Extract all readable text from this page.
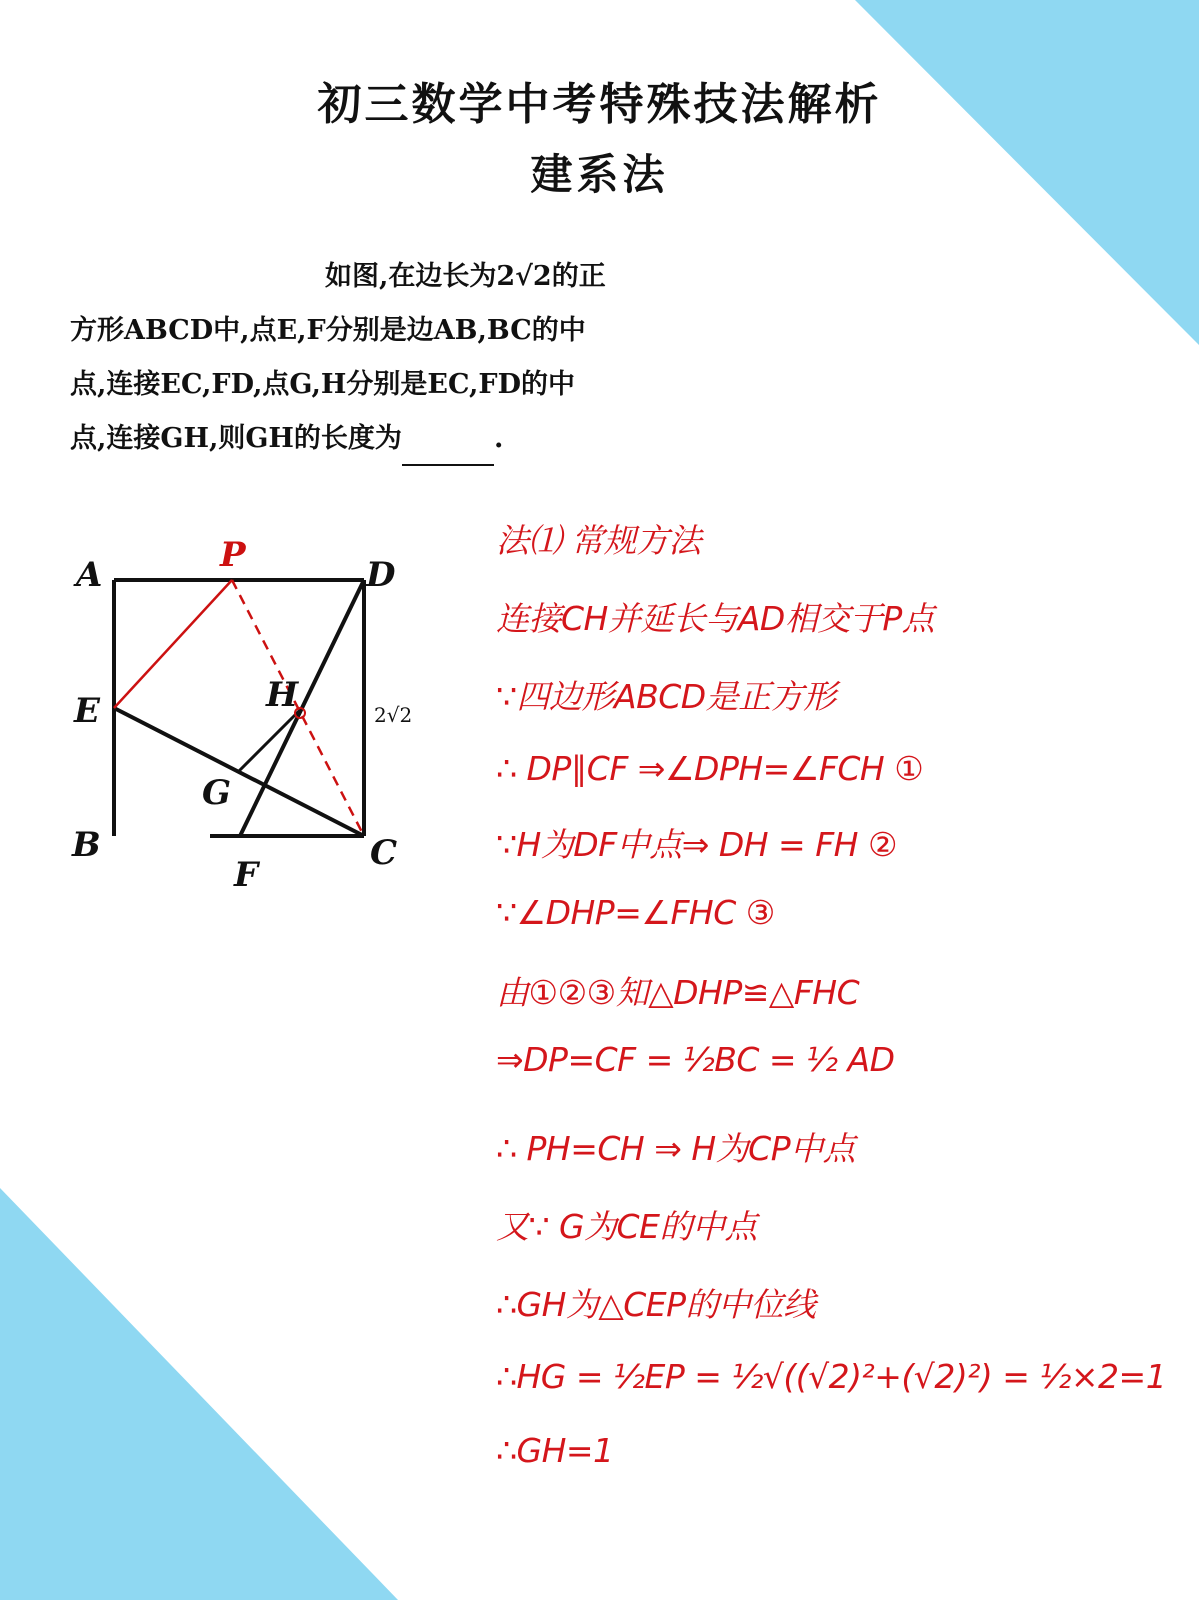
初三数学中考特殊技法解析
建系法
如图,在边长为2√2的正
方形ABCD中,点E,F分别是边AB,BC的中
点,连接EC,FD,点G,H分别是EC,FD的中
点,连接GH,则GH的长度为	.
A	D
E
B	C
F
G
H
P
2√2
法⑴ 常规方法
连接CH并延长与AD相交于P点
∵四边形ABCD是正方形
∴ DP∥CF ⇒∠DPH=∠FCH ①
∵H为DF中点⇒ DH = FH ②
∵∠DHP=∠FHC ③
由①②③知△DHP≌△FHC
⇒DP=CF = ½BC = ½ AD
∴ PH=CH ⇒ H为CP中点
又∵ G为CE的中点
∴GH为△CEP的中位线
∴HG = ½EP = ½√((√2)²+(√2)²) = ½×2=1
∴GH=1
